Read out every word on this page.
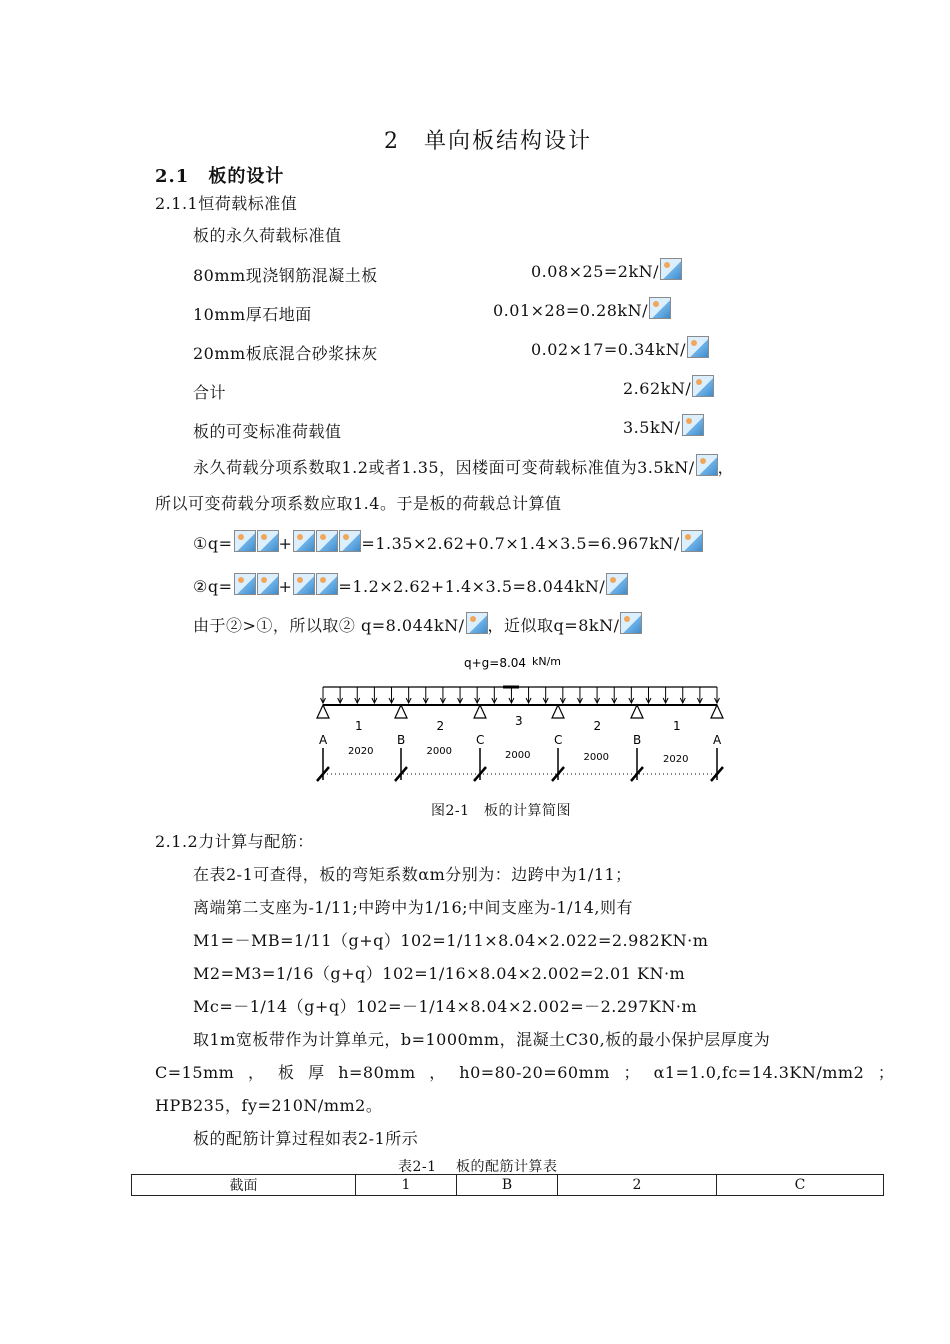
2　单向板结构设计
2.1　板的设计
2.1.1恒荷载标准值
板的永久荷载标准值
80mm现浇钢筋混凝土板	0.08×25=2kN/
10mm厚石地面	0.01×28=0.28kN/
20mm板底混合砂浆抹灰	0.02×17=0.34kN/
合计	2.62kN/
板的可变标准荷载值	3.5kN/
永久荷载分项系数取1.2或者1.35，因楼面可变荷载标准值为3.5kN/ ，
所以可变荷载分项系数应取1.4。于是板的荷载总计算值
①q=	+	=1.35×2.62+0.7×1.4×3.5=6.967kN/
②q=	+	=1.2×2.62+1.4×3.5=8.044kN/
由于②>①，所以取② q=8.044kN/ ，近似取q=8kN/
q+g=8.04 kN/m
A	B	C	C	B	A
1
2020
2
2000
3
2000
2
2000
1
2020
图2-1　板的计算简图
2.1.2力计算与配筋：
在表2-1可查得，板的弯矩系数αm分别为：边跨中为1/11；
离端第二支座为-1/11;中跨中为1/16;中间支座为-1/14,则有
M1=－MB=1/11（g+q）102=1/11×8.04×2.022=2.982KN·m
M2=M3=1/16（g+q）102=1/16×8.04×2.002=2.01 KN·m
Mc=－1/14（g+q）102=－1/14×8.04×2.002=－2.297KN·m
取1m宽板带作为计算单元，b=1000mm，混凝土C30,板的最小保护层厚度为
C=15mm ， 板 厚 h=80mm ， h0=80-20=60mm ； α1=1.0,fc=14.3KN/mm2 ；
HPB235，fy=210N/mm2。
板的配筋计算过程如表2-1所示
表2-1　 板的配筋计算表
截面	1	B	2	C
